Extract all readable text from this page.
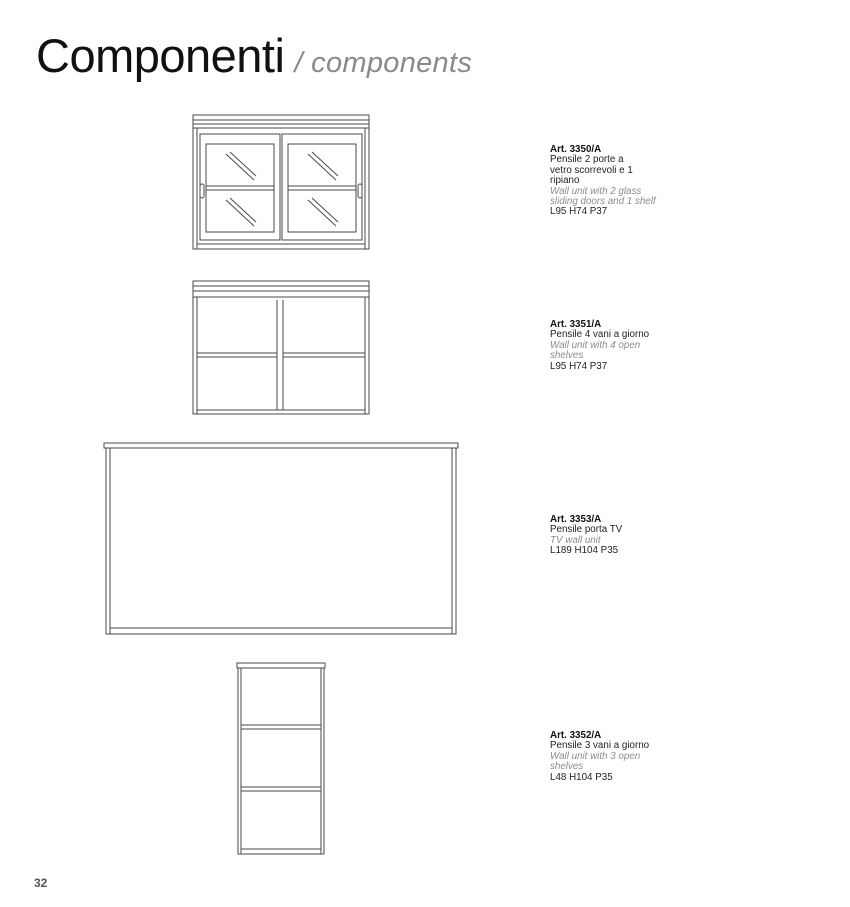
Componenti / components
Art. 3350/A
Pensile 2 porte a vetro scorrevoli e 1 ripiano
Wall unit with 2 glass sliding doors and 1 shelf
L95 H74 P37
Art. 3351/A
Pensile 4 vani a giorno
Wall unit with 4 open shelves
L95 H74 P37
Art. 3353/A
Pensile porta TV
TV wall unit
L189 H104 P35
Art. 3352/A
Pensile 3 vani a giorno
Wall unit with 3 open shelves
L48 H104 P35
32
